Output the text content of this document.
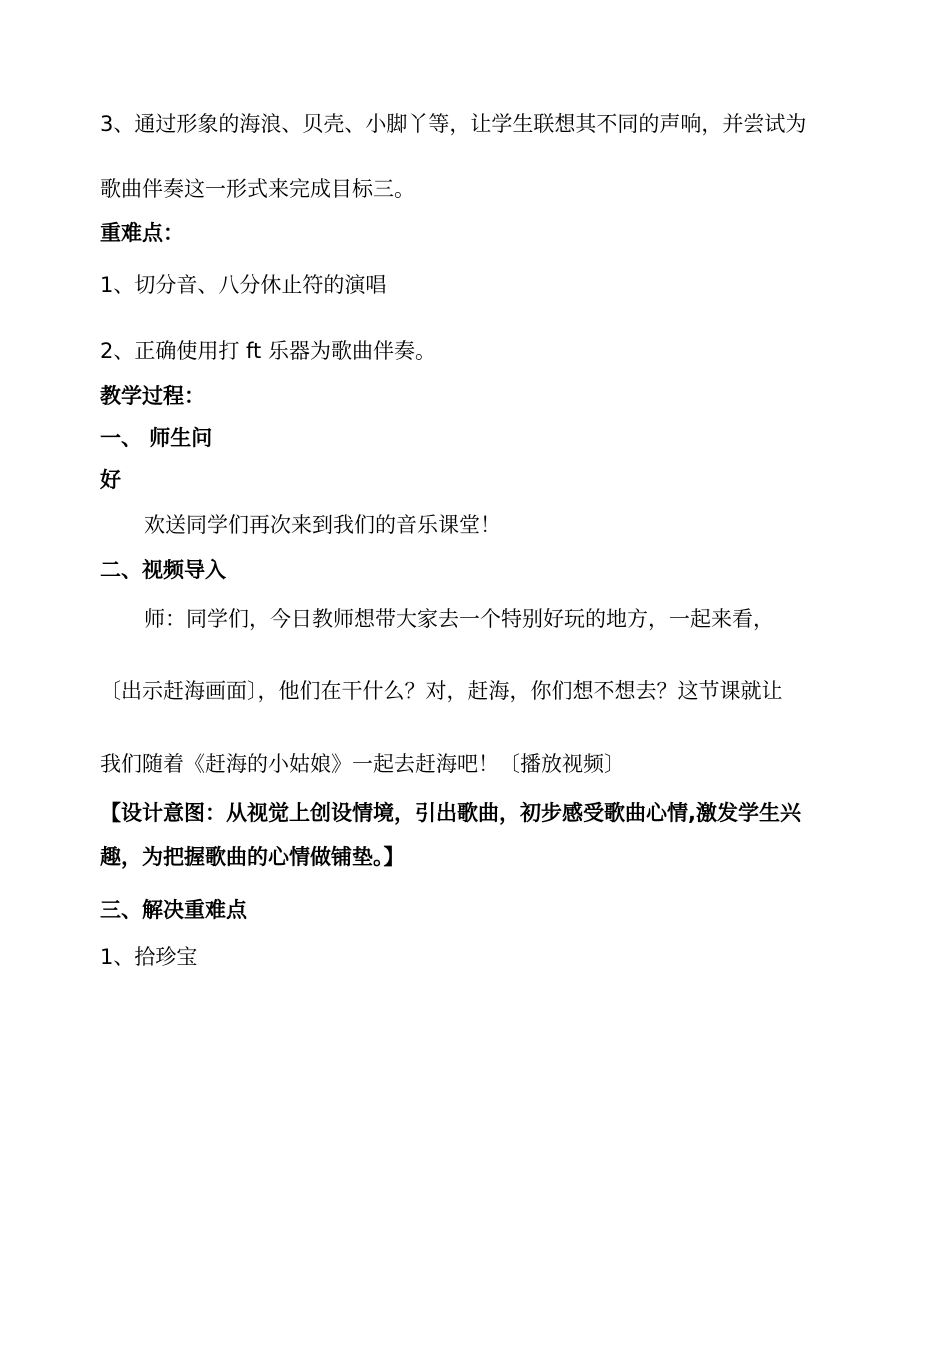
3、通过形象的海浪、贝壳、小脚丫等，让学生联想其不同的声响，并尝试为
歌曲伴奏这一形式来完成目标三。
重难点：
1、切分音、八分休止符的演唱
2、正确使用打 ft 乐器为歌曲伴奏。
教学过程：
一、 师生问
好
欢送同学们再次来到我们的音乐课堂！
二、视频导入
师：同学们，今日教师想带大家去一个特别好玩的地方，一起来看，
〔出示赶海画面〕，他们在干什么？对，赶海，你们想不想去？这节课就让
我们随着《赶海的小姑娘》一起去赶海吧！〔播放视频〕
【设计意图：从视觉上创设情境，引出歌曲，初步感受歌曲心情,激发学生兴
趣，为把握歌曲的心情做铺垫。】
三、解决重难点
1、拾珍宝
